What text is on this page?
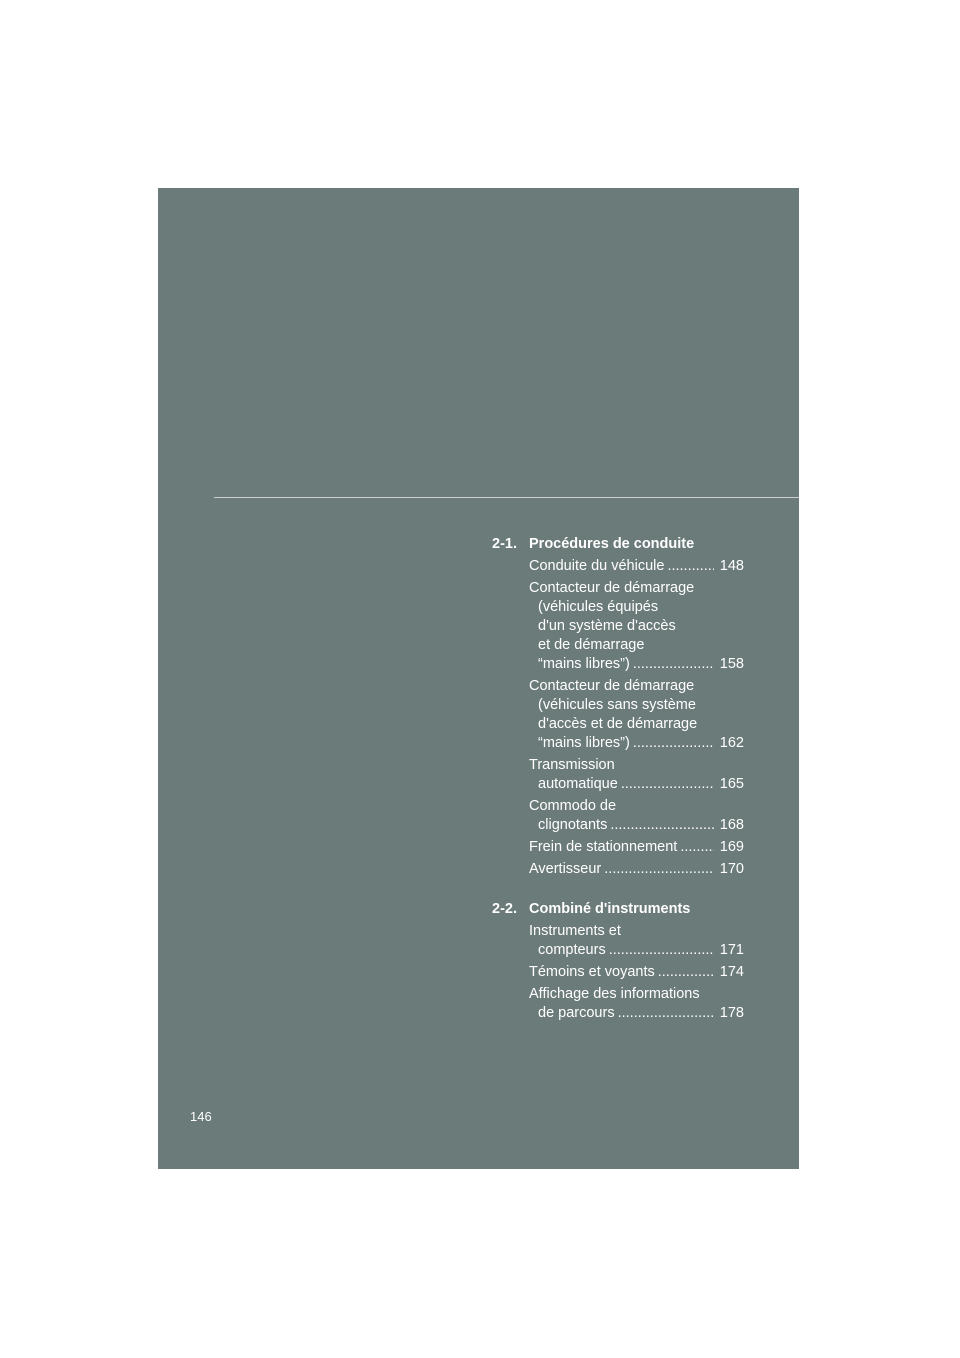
2-1. Procédures de conduite
Conduite du véhicule .....	148
Contacteur de démarrage
(véhicules équipés
d'un système d'accès
et de démarrage
“mains libres”) .....	158
Contacteur de démarrage
(véhicules sans système
d'accès et de démarrage
“mains libres”) .....	162
Transmission
automatique .....	165
Commodo de
clignotants .....	168
Frein de stationnement .....	169
Avertisseur .....	170
2-2. Combiné d'instruments
Instruments et
compteurs .....	171
Témoins et voyants .....	174
Affichage des informations
de parcours .....	178
146
